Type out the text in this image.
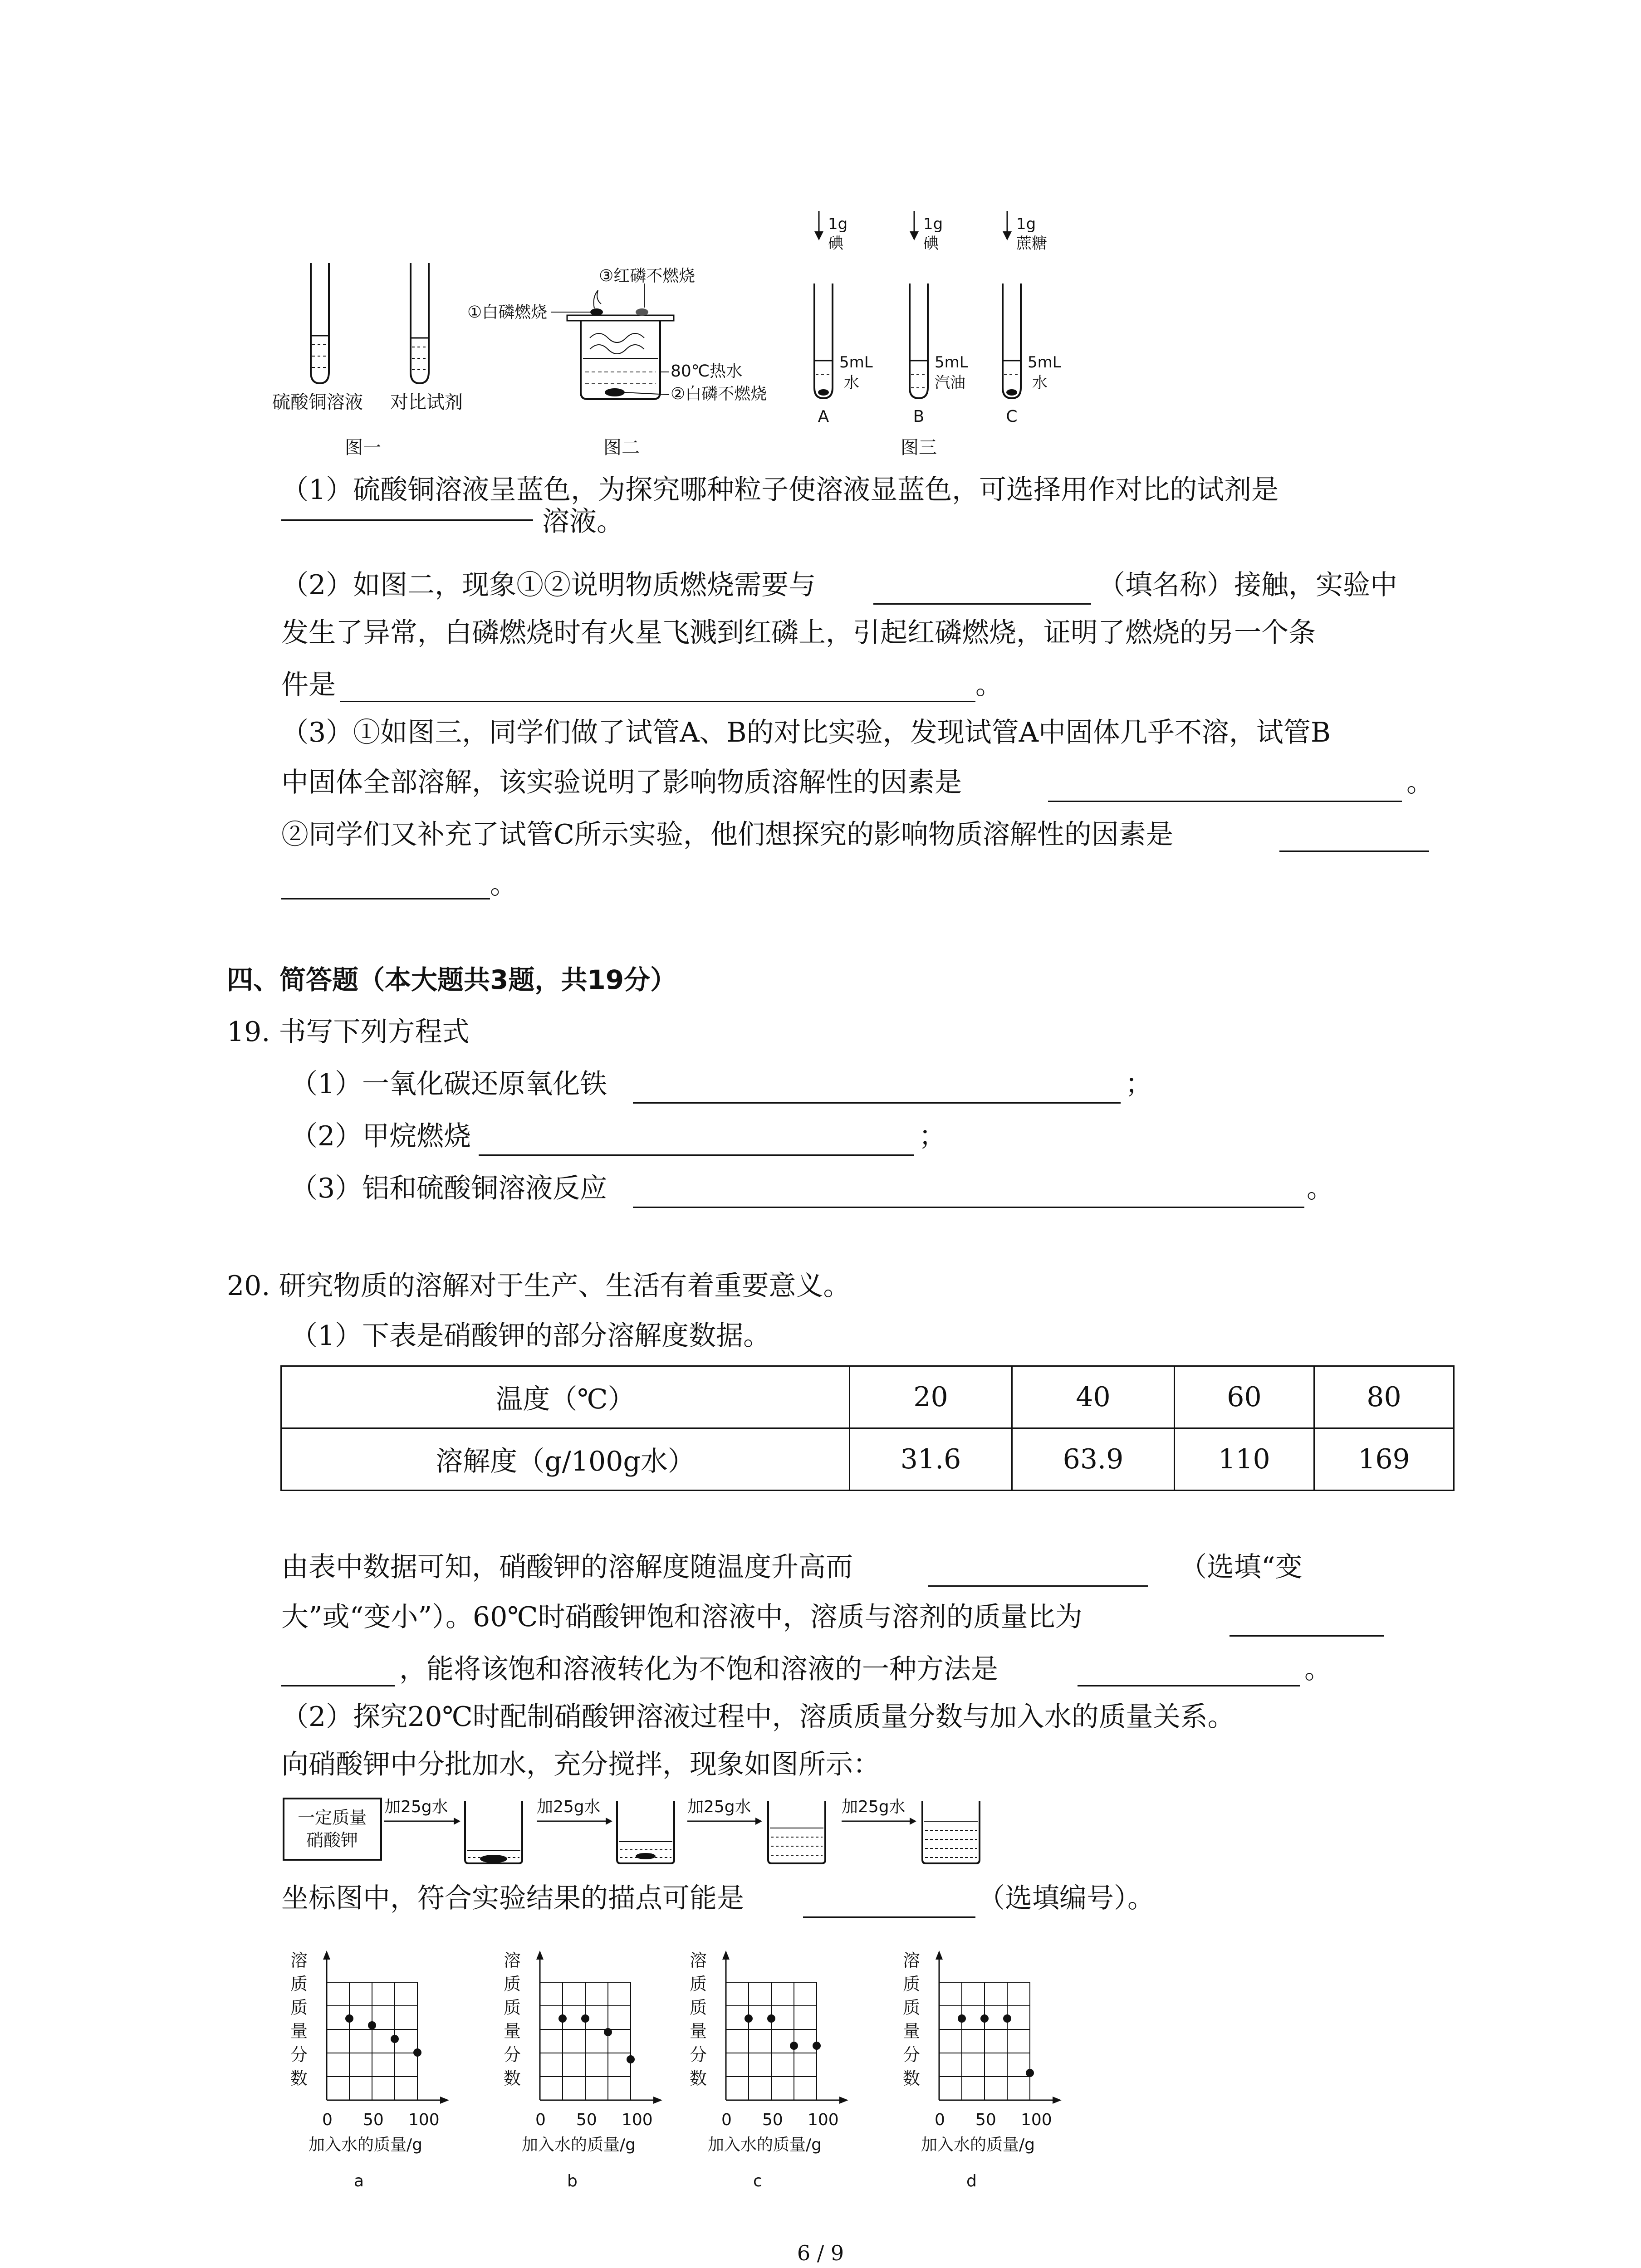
硫酸铜溶液 对比试剂
图一
①白磷燃烧
③红磷不燃烧
80℃热水
②白磷不燃烧
图二
1g
碘
5mL
水
A
1g
碘
5mL
汽油
B
1g
蔗糖
5mL
水
C
图三
（1）硫酸铜溶液呈蓝色，为探究哪种粒子使溶液显蓝色，可选择用作对比的试剂是
溶液。
（2）如图二，现象①②说明物质燃烧需要与	（填名称）接触，实验中
发生了异常，白磷燃烧时有火星飞溅到红磷上，引起红磷燃烧，证明了燃烧的另一个条
件是	。
（3）①如图三，同学们做了试管A、B的对比实验，发现试管A中固体几乎不溶，试管B
中固体全部溶解，该实验说明了影响物质溶解性的因素是	。
②同学们又补充了试管C所示实验，他们想探究的影响物质溶解性的因素是
。
四、简答题（本大题共3题，共19分）
19. 书写下列方程式
（1）一氧化碳还原氧化铁	；
（2）甲烷燃烧	；
（3）铝和硫酸铜溶液反应	。
20. 研究物质的溶解对于生产、生活有着重要意义。
（1）下表是硝酸钾的部分溶解度数据。
温度（℃）	20	40	60	80
溶解度（g/100g水）	31.6	63.9	110	169
由表中数据可知，硝酸钾的溶解度随温度升高而	（选填“变
大”或“变小”）。60℃时硝酸钾饱和溶液中，溶质与溶剂的质量比为
，能将该饱和溶液转化为不饱和溶液的一种方法是	。
（2）探究20℃时配制硝酸钾溶液过程中，溶质质量分数与加入水的质量关系。
向硝酸钾中分批加水，充分搅拌，现象如图所示：
一定质量
硝酸钾
加25g水	加25g水	加25g水	加25g水
坐标图中，符合实验结果的描点可能是	（选填编号）。
溶
质
质
量
分
数
0 50 100
加入水的质量/g
a
溶
质
质
量
分
数
0 50 100
加入水的质量/g
b
溶
质
质
量
分
数
0 50 100
加入水的质量/g
c
溶
质
质
量
分
数
0 50 100
加入水的质量/g
d
6 / 9
